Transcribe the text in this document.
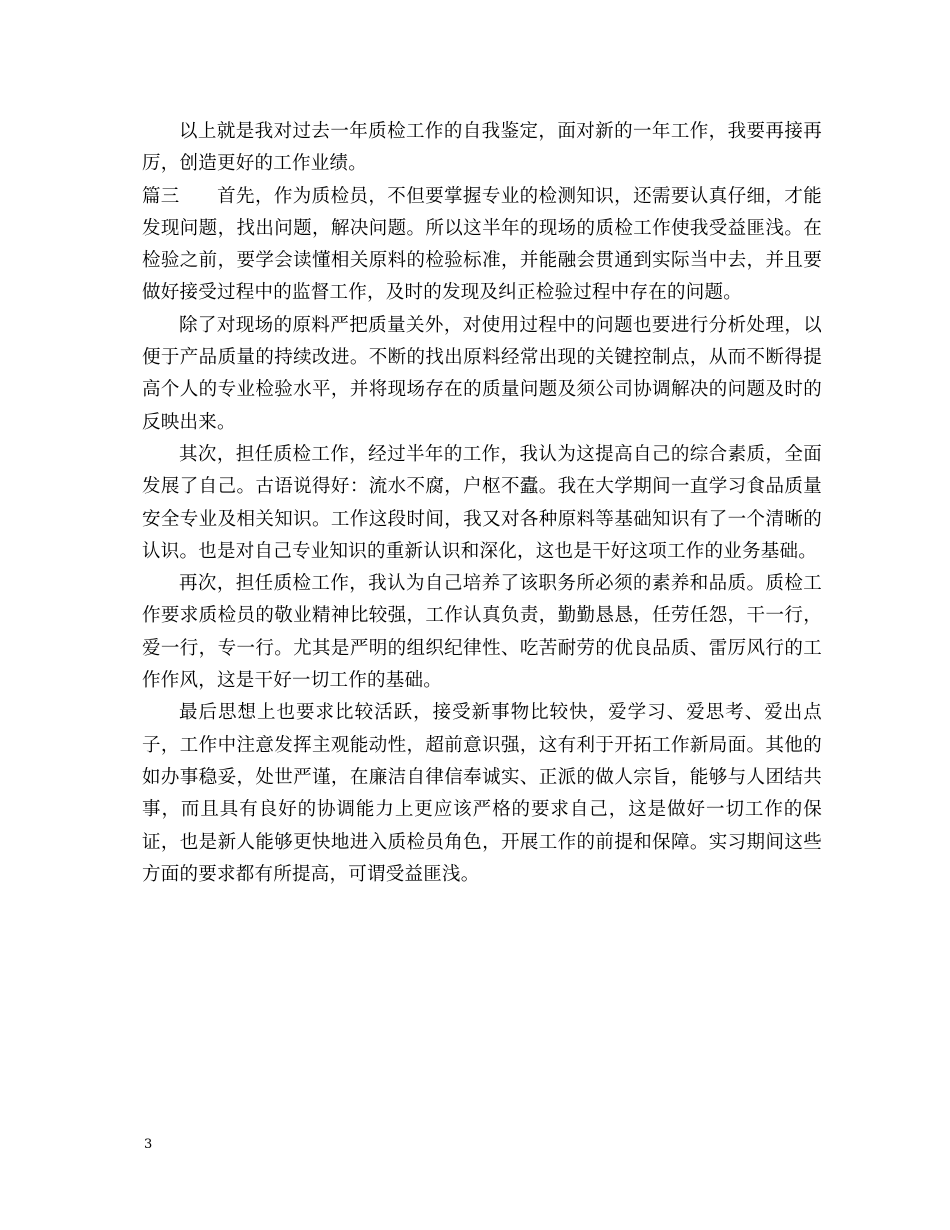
以上就是我对过去一年质检工作的自我鉴定，面对新的一年工作，我要再接再厉，创造更好的工作业绩。

篇三 首先，作为质检员，不但要掌握专业的检测知识，还需要认真仔细，才能发现问题，找出问题，解决问题。所以这半年的现场的质检工作使我受益匪浅。在检验之前，要学会读懂相关原料的检验标准，并能融会贯通到实际当中去，并且要做好接受过程中的监督工作，及时的发现及纠正检验过程中存在的问题。

除了对现场的原料严把质量关外，对使用过程中的问题也要进行分析处理，以便于产品质量的持续改进。不断的找出原料经常出现的关键控制点，从而不断得提高个人的专业检验水平，并将现场存在的质量问题及须公司协调解决的问题及时的反映出来。

其次，担任质检工作，经过半年的工作，我认为这提高自己的综合素质，全面发展了自己。古语说得好：流水不腐，户枢不蠹。我在大学期间一直学习食品质量安全专业及相关知识。工作这段时间，我又对各种原料等基础知识有了一个清晰的认识。也是对自己专业知识的重新认识和深化，这也是干好这项工作的业务基础。

再次，担任质检工作，我认为自己培养了该职务所必须的素养和品质。质检工作要求质检员的敬业精神比较强，工作认真负责，勤勤恳恳，任劳任怨，干一行，爱一行，专一行。尤其是严明的组织纪律性、吃苦耐劳的优良品质、雷厉风行的工作作风，这是干好一切工作的基础。

最后思想上也要求比较活跃，接受新事物比较快，爱学习、爱思考、爱出点子，工作中注意发挥主观能动性，超前意识强，这有利于开拓工作新局面。其他的如办事稳妥，处世严谨，在廉洁自律信奉诚实、正派的做人宗旨，能够与人团结共事，而且具有良好的协调能力上更应该严格的要求自己，这是做好一切工作的保证，也是新人能够更快地进入质检员角色，开展工作的前提和保障。实习期间这些方面的要求都有所提高，可谓受益匪浅。

3
